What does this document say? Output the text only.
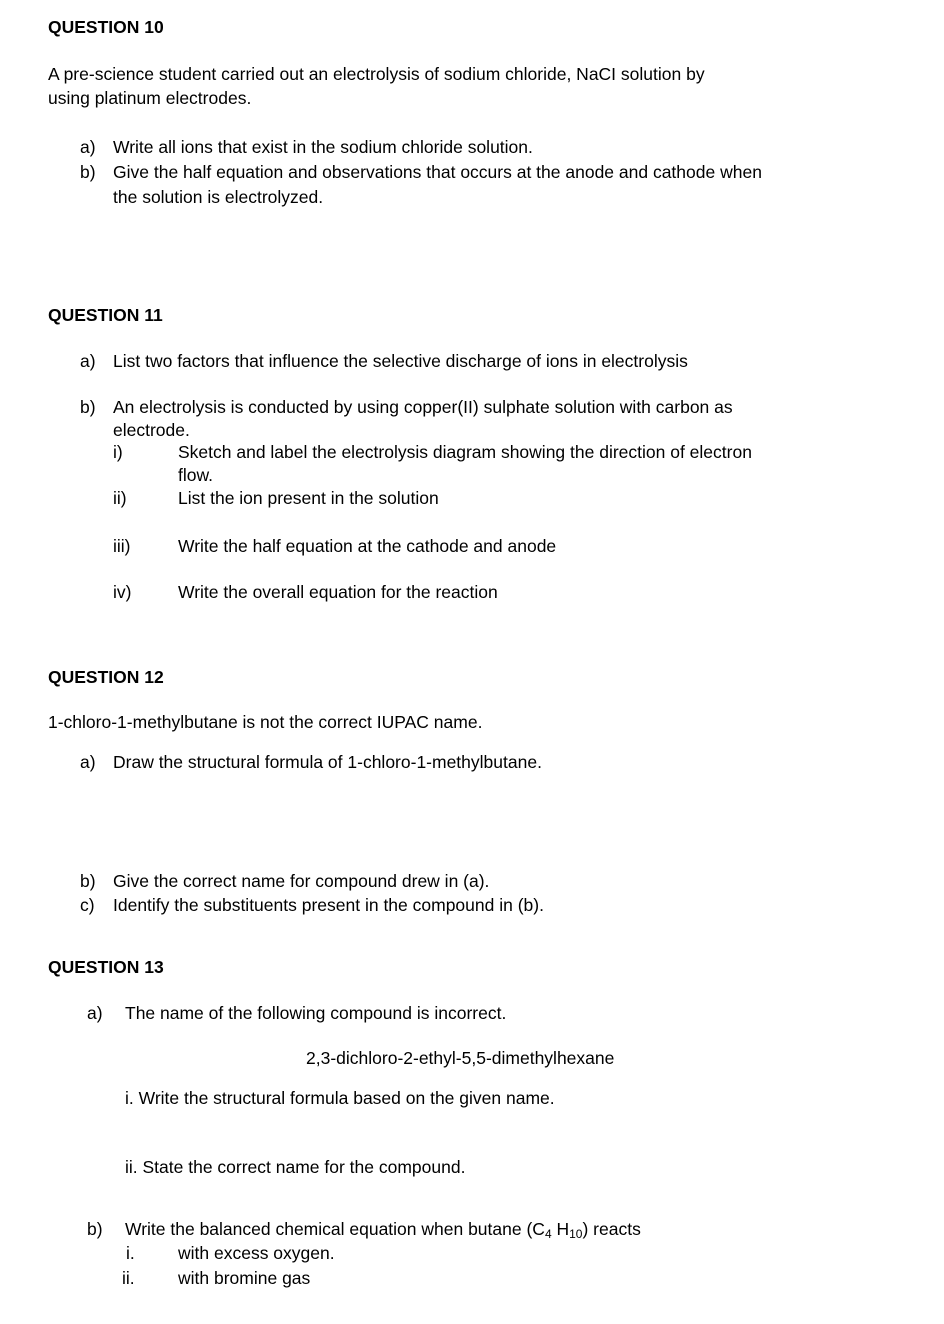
QUESTION 10
A pre-science student carried out an electrolysis of sodium chloride, NaCI solution by
using platinum electrodes.
a) Write all ions that exist in the sodium chloride solution.
b) Give the half equation and observations that occurs at the anode and cathode when
the solution is electrolyzed.
QUESTION 11
a) List two factors that influence the selective discharge of ions in electrolysis
b) An electrolysis is conducted by using copper(II) sulphate solution with carbon as
electrode.
i)	Sketch and label the electrolysis diagram showing the direction of electron
flow.
ii)	List the ion present in the solution
iii)	Write the half equation at the cathode and anode
iv)	Write the overall equation for the reaction
QUESTION 12
1-chloro-1-methylbutane is not the correct IUPAC name.
a) Draw the structural formula of 1-chloro-1-methylbutane.
b) Give the correct name for compound drew in (a).
c) Identify the substituents present in the compound in (b).
QUESTION 13
a) The name of the following compound is incorrect.
2,3-dichloro-2-ethyl-5,5-dimethylhexane
i. Write the structural formula based on the given name.
ii. State the correct name for the compound.
b) Write the balanced chemical equation when butane ($C_4$ $H_{10}$) reacts
i. with excess oxygen.
ii. with bromine gas
